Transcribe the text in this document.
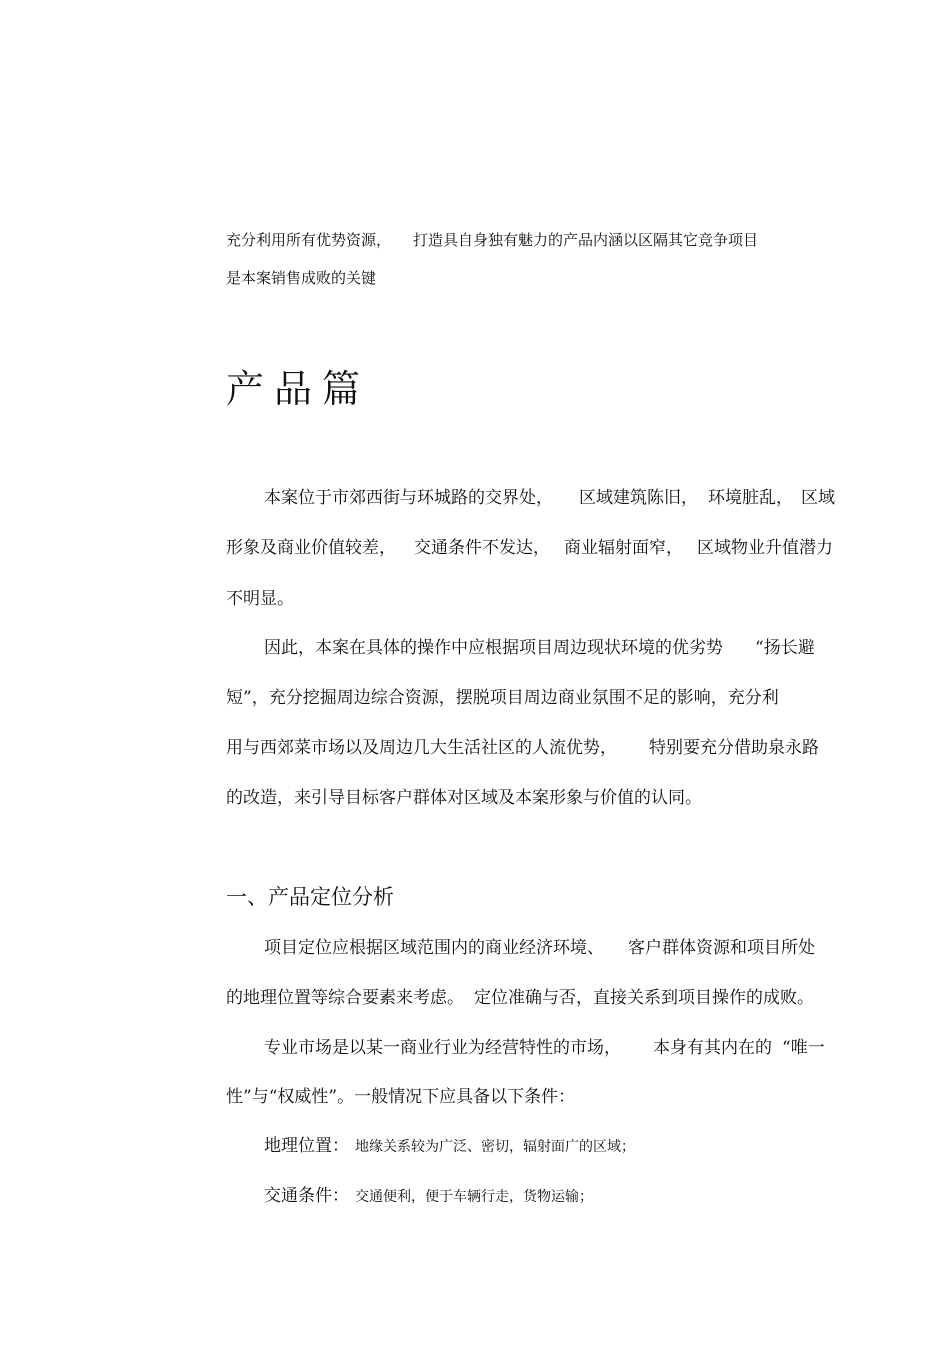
充分利用所有优势资源， 打造具自身独有魅力的产品内涵以区隔其它竞争项目
是本案销售成败的关键
产品篇
本案位于市郊西街与环城路的交界处， 区域建筑陈旧， 环境脏乱， 区域
形象及商业价值较差， 交通条件不发达， 商业辐射面窄， 区域物业升值潜力
不明显。
因此，本案在具体的操作中应根据项目周边现状环境的优劣势 “扬长避
短”，充分挖掘周边综合资源，摆脱项目周边商业氛围不足的影响，充分利
用与西郊菜市场以及周边几大生活社区的人流优势， 特别要充分借助泉永路
的改造，来引导目标客户群体对区域及本案形象与价值的认同。
一、产品定位分析
项目定位应根据区域范围内的商业经济环境、 客户群体资源和项目所处
的地理位置等综合要素来考虑。 定位准确与否，直接关系到项目操作的成败。
专业市场是以某一商业行业为经营特性的市场， 本身有其内在的 “唯一
性”与“权威性”。一般情况下应具备以下条件：
地理位置： 地缘关系较为广泛、密切，辐射面广的区域；
交通条件： 交通便利，便于车辆行走，货物运输；
